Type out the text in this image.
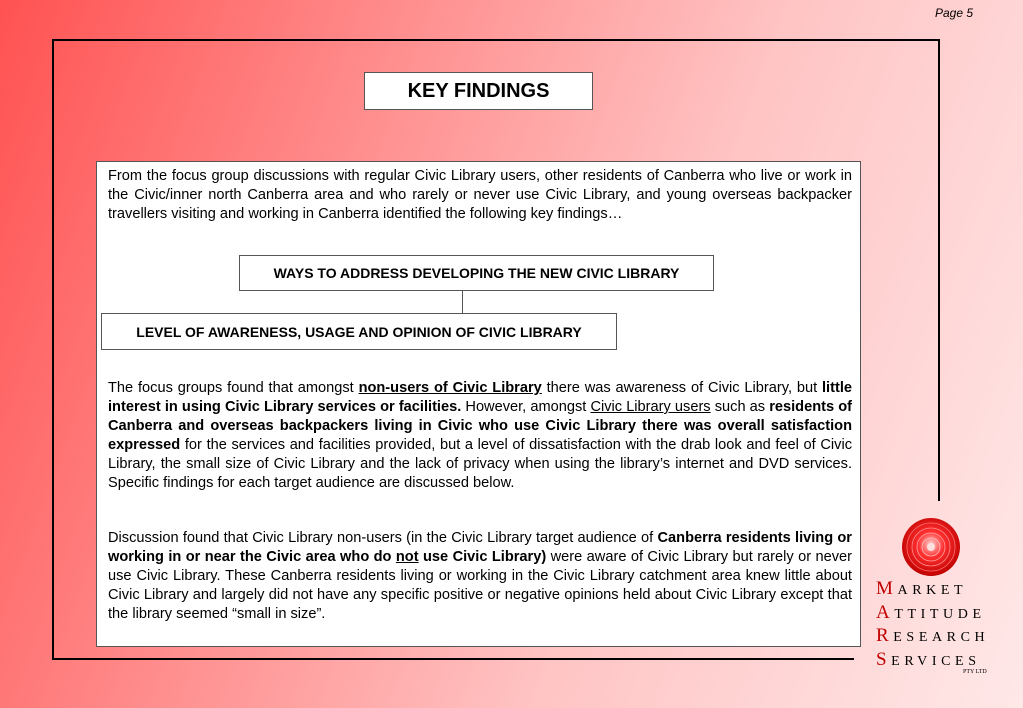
Page 5
KEY FINDINGS

From the focus group discussions with regular Civic Library users, other residents of Canberra who live or work in the Civic/inner north Canberra area and who rarely or never use Civic Library, and young overseas backpacker travellers visiting and working in Canberra identified the following key findings…

WAYS TO ADDRESS DEVELOPING THE NEW CIVIC LIBRARY
LEVEL OF AWARENESS, USAGE AND OPINION OF CIVIC LIBRARY

The focus groups found that amongst non-users of Civic Library there was awareness of Civic Library, but little interest in using Civic Library services or facilities. However, amongst Civic Library users such as residents of Canberra and overseas backpackers living in Civic who use Civic Library there was overall satisfaction expressed for the services and facilities provided, but a level of dissatisfaction with the drab look and feel of Civic Library, the small size of Civic Library and the lack of privacy when using the library’s internet and DVD services. Specific findings for each target audience are discussed below.

Discussion found that Civic Library non-users (in the Civic Library target audience of Canberra residents living or working in or near the Civic area who do not use Civic Library) were aware of Civic Library but rarely or never use Civic Library. These Canberra residents living or working in the Civic Library catchment area knew little about Civic Library and largely did not have any specific positive or negative opinions held about Civic Library except that the library seemed “small in size”.

MARKET
ATTITUDE
RESEARCH
SERVICES
PTY LTD
